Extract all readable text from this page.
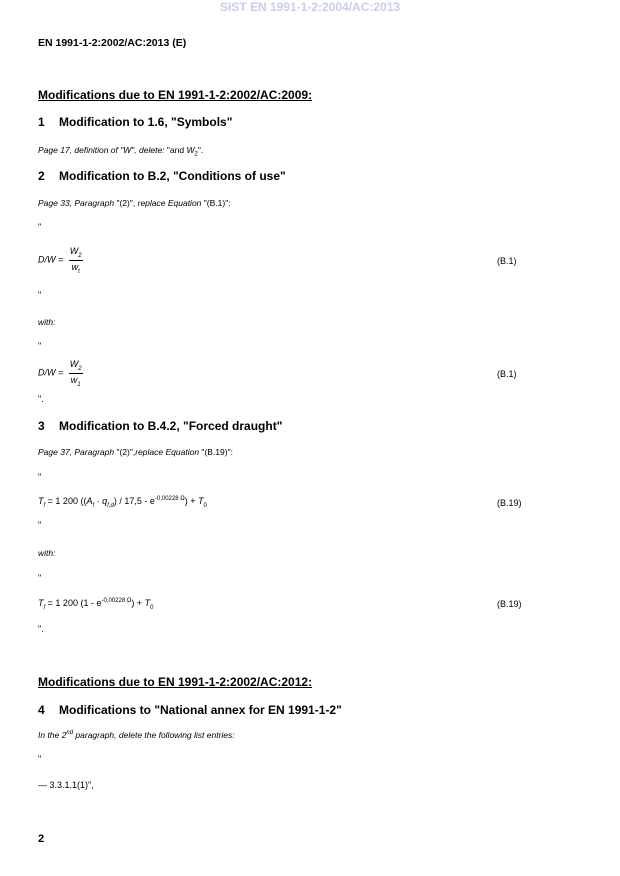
SIST EN 1991-1-2:2004/AC:2013
EN 1991-1-2:2002/AC:2013 (E)
Modifications due to EN 1991-1-2:2002/AC:2009:
1 Modification to 1.6, "Symbols"
Page 17, definition of "W", delete: "and $W_2$".
2 Modification to B.2, "Conditions of use"
Page 33, Paragraph "(2)", replace Equation "(B.1)":
"
$D/W = \frac{W_2}{w_t}$	(B.1)
"
with:
"
$D/W = \frac{W_2}{w_1}$	(B.1)
".
3 Modification to B.4.2, "Forced draught"
Page 37, Paragraph "(2)",replace Equation "(B.19)":
"
$T_f = 1$ 200 $((A_f \cdot q_{f,d}) / 17,5 - e^{-0,00228 \Omega}) + T_0$	(B.19)
"
with:
"
$T_f = 1$ 200 $(1 - e^{-0,00228 \Omega}) + T_0$	(B.19)
".
Modifications due to EN 1991-1-2:2002/AC:2012:
4 Modifications to "National annex for EN 1991-1-2"
In the 2nd paragraph, delete the following list entries:
"
— 3.3.1.1(1)",
2
